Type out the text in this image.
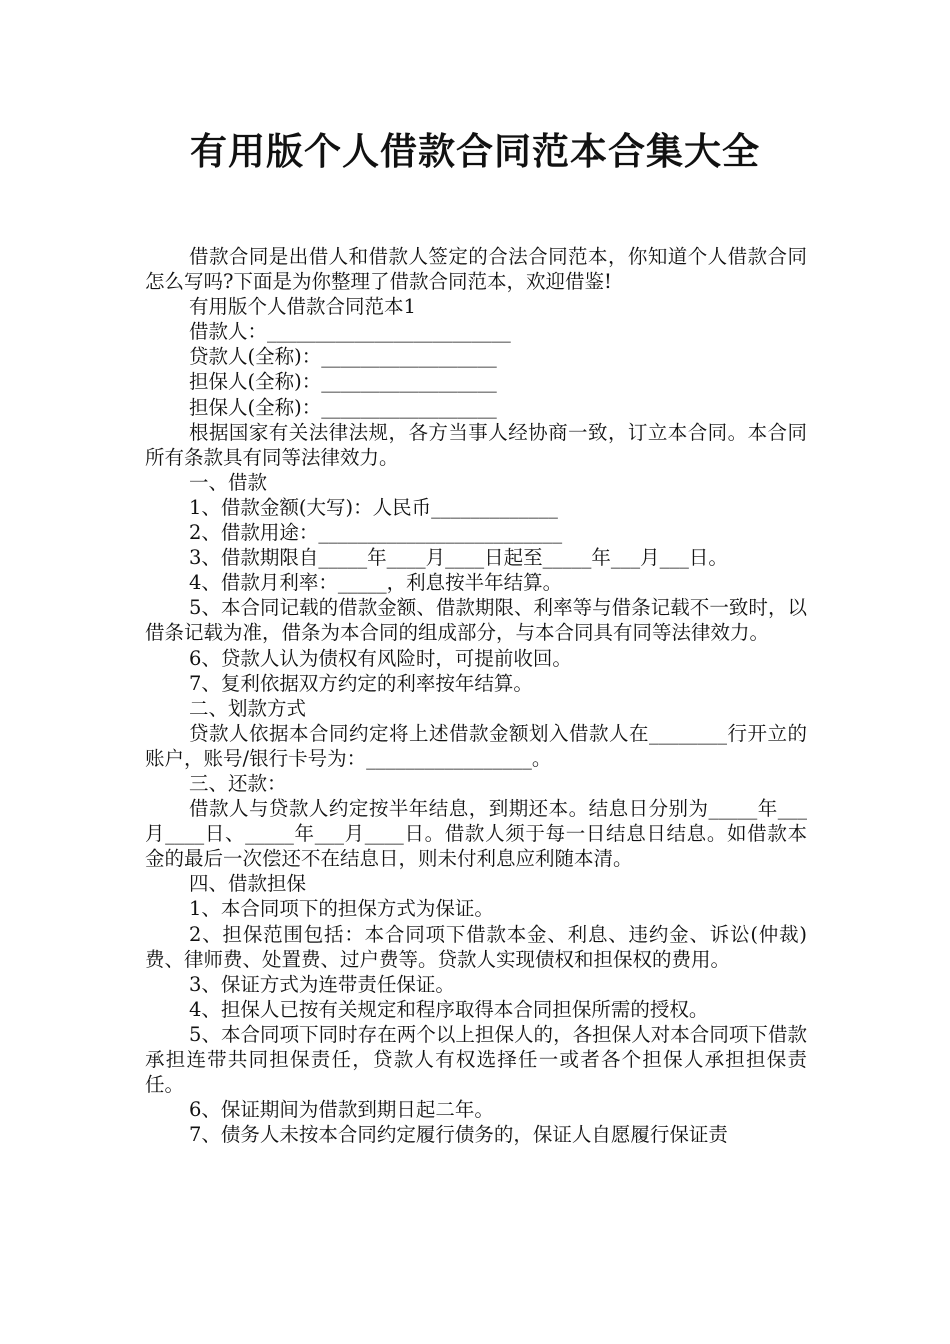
有用版个人借款合同范本合集大全

借款合同是出借人和借款人签定的合法合同范本，你知道个人借款合同怎么写吗?下面是为你整理了借款合同范本，欢迎借鉴!

有用版个人借款合同范本1

借款人：_________________________

贷款人(全称)：__________________

担保人(全称)：__________________

担保人(全称)：__________________

根据国家有关法律法规，各方当事人经协商一致，订立本合同。本合同所有条款具有同等法律效力。

一、借款

1、借款金额(大写)：人民币_____________

2、借款用途：_________________________

3、借款期限自_____年____月____日起至_____年___月___日。

4、借款月利率：_____，利息按半年结算。

5、本合同记载的借款金额、借款期限、利率等与借条记载不一致时，以借条记载为准，借条为本合同的组成部分，与本合同具有同等法律效力。

6、贷款人认为债权有风险时，可提前收回。

7、复利依据双方约定的利率按年结算。

二、划款方式

贷款人依据本合同约定将上述借款金额划入借款人在________行开立的账户，账号/银行卡号为：_________________。

三、还款：

借款人与贷款人约定按半年结息，到期还本。结息日分别为_____年___月____日、_____年___月____日。借款人须于每一日结息日结息。如借款本金的最后一次偿还不在结息日，则未付利息应利随本清。

四、借款担保

1、本合同项下的担保方式为保证。

2、担保范围包括：本合同项下借款本金、利息、违约金、诉讼(仲裁)费、律师费、处置费、过户费等。贷款人实现债权和担保权的费用。

3、保证方式为连带责任保证。

4、担保人已按有关规定和程序取得本合同担保所需的授权。

5、本合同项下同时存在两个以上担保人的，各担保人对本合同项下借款承担连带共同担保责任，贷款人有权选择任一或者各个担保人承担担保责任。

6、保证期间为借款到期日起二年。

7、债务人未按本合同约定履行债务的，保证人自愿履行保证责
